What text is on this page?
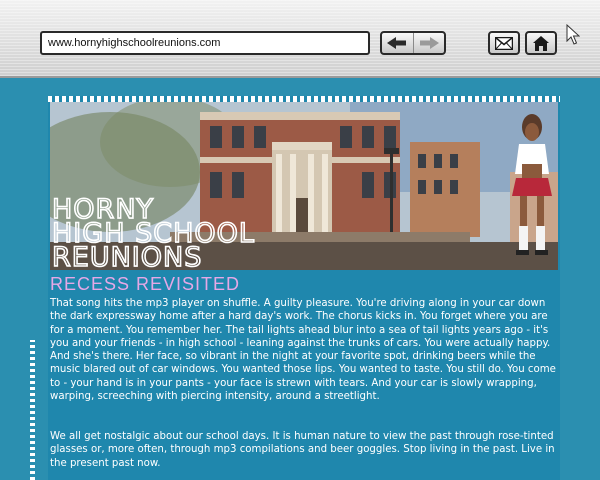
www.hornyhighschoolreunions.com
HORNY
HIGH SCHOOL
REUNIONS
RECESS REVISITED

That song hits the mp3 player on shuffle. A guilty pleasure. You're driving along in your car down the dark expressway home after a hard day's work. The chorus kicks in. You forget where you are for a moment. You remember her. The tail lights ahead blur into a sea of tail lights years ago - it's you and your friends - in high school - leaning against the trunks of cars. You were actually happy. And she's there. Her face, so vibrant in the night at your favorite spot, drinking beers while the music blared out of car windows. You wanted those lips. You wanted to taste. You still do. You come to - your hand is in your pants - your face is strewn with tears. And your car is slowly wrapping, warping, screeching with piercing intensity, around a streetlight.

We all get nostalgic about our school days. It is human nature to view the past through rose-tinted glasses or, more often, through mp3 compilations and beer goggles. Stop living in the past. Live in the present past now.
